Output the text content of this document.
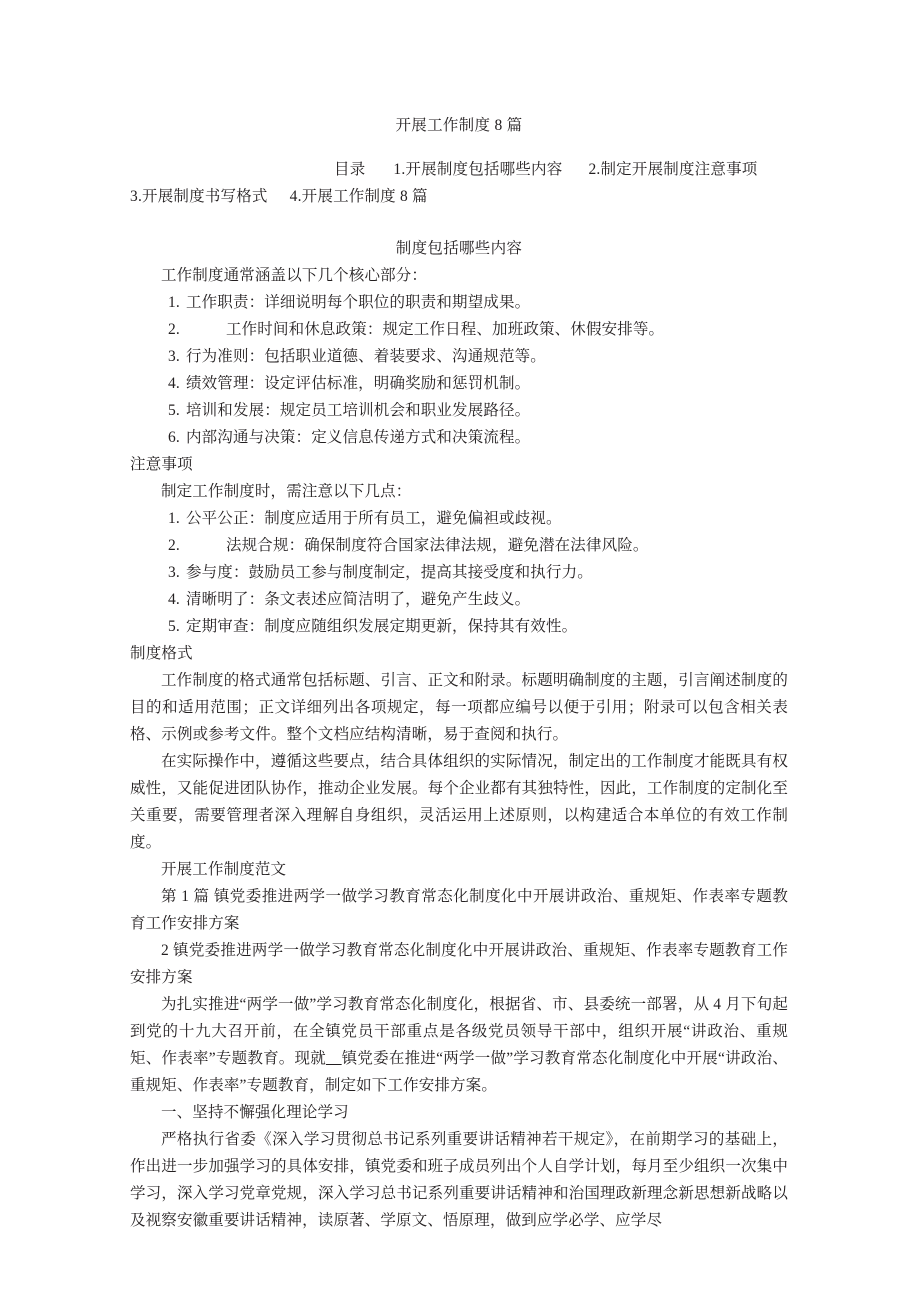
开展工作制度 8 篇
目录 1.开展制度包括哪些内容 2.制定开展制度注意事项
3.开展制度书写格式 4.开展工作制度 8 篇
制度包括哪些内容

工作制度通常涵盖以下几个核心部分：

1. 工作职责：详细说明每个职位的职责和期望成果。

2.	工作时间和休息政策：规定工作日程、加班政策、休假安排等。

3. 行为准则：包括职业道德、着装要求、沟通规范等。

4. 绩效管理：设定评估标准，明确奖励和惩罚机制。

5. 培训和发展：规定员工培训机会和职业发展路径。

6. 内部沟通与决策：定义信息传递方式和决策流程。

注意事项

制定工作制度时，需注意以下几点：

1. 公平公正：制度应适用于所有员工，避免偏袒或歧视。

2.	法规合规：确保制度符合国家法律法规，避免潜在法律风险。

3. 参与度：鼓励员工参与制度制定，提高其接受度和执行力。

4. 清晰明了：条文表述应简洁明了，避免产生歧义。

5. 定期审查：制度应随组织发展定期更新，保持其有效性。

制度格式

工作制度的格式通常包括标题、引言、正文和附录。标题明确制度的主题，引言阐述制度的目的和适用范围；正文详细列出各项规定，每一项都应编号以便于引用；附录可以包含相关表格、示例或参考文件。整个文档应结构清晰，易于查阅和执行。

在实际操作中，遵循这些要点，结合具体组织的实际情况，制定出的工作制度才能既具有权威性，又能促进团队协作，推动企业发展。每个企业都有其独特性，因此，工作制度的定制化至关重要，需要管理者深入理解自身组织，灵活运用上述原则，以构建适合本单位的有效工作制度。

开展工作制度范文

第 1 篇 镇党委推进两学一做学习教育常态化制度化中开展讲政治、重规矩、作表率专题教育工作安排方案

2 镇党委推进两学一做学习教育常态化制度化中开展讲政治、重规矩、作表率专题教育工作安排方案

为扎实推进“两学一做”学习教育常态化制度化，根据省、市、县委统一部署，从 4 月下旬起到党的十九大召开前，在全镇党员干部重点是各级党员领导干部中，组织开展“讲政治、重规矩、作表率”专题教育。现就__镇党委在推进“两学一做”学习教育常态化制度化中开展“讲政治、重规矩、作表率”专题教育，制定如下工作安排方案。

一、坚持不懈强化理论学习

严格执行省委《深入学习贯彻总书记系列重要讲话精神若干规定》，在前期学习的基础上，作出进一步加强学习的具体安排，镇党委和班子成员列出个人自学计划，每月至少组织一次集中学习，深入学习党章党规，深入学习总书记系列重要讲话精神和治国理政新理念新思想新战略以及视察安徽重要讲话精神，读原著、学原文、悟原理，做到应学必学、应学尽
